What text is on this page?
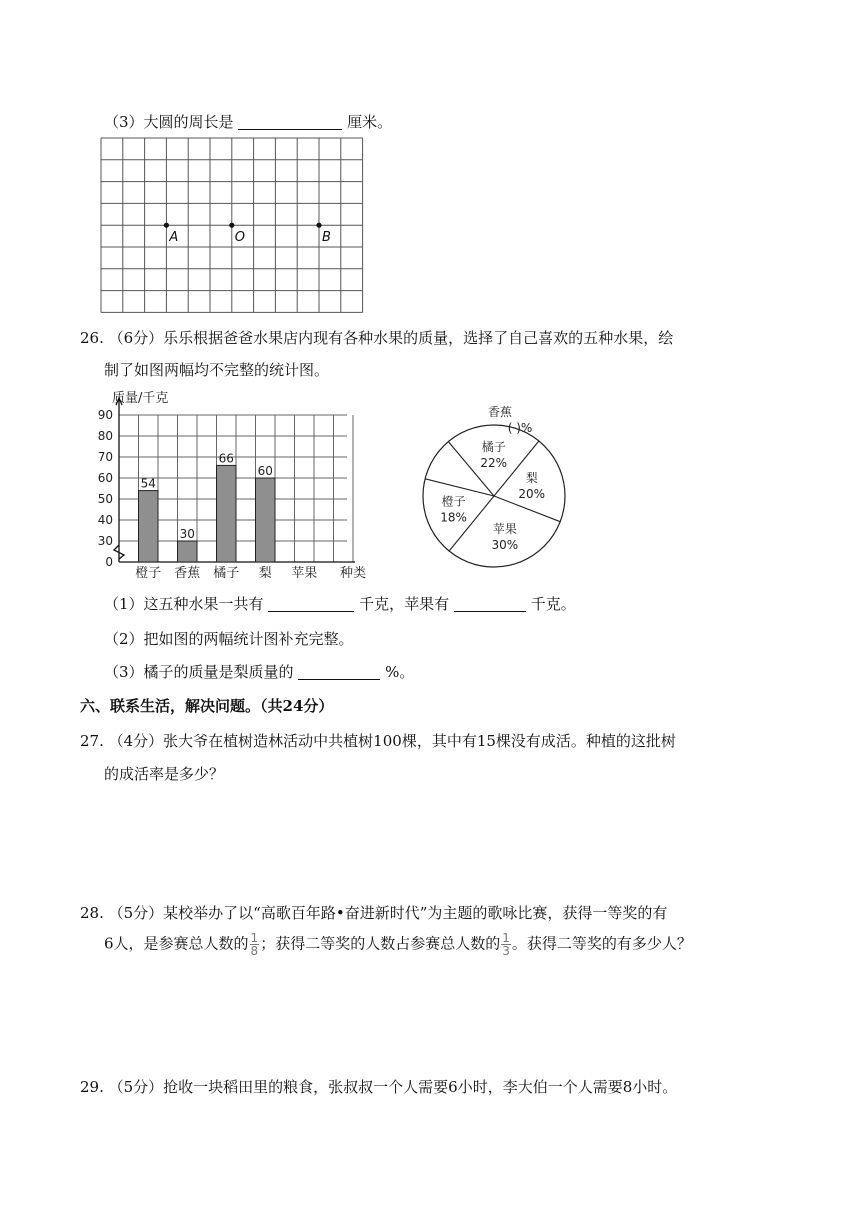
（3）大圆的周长是	厘米。
A	O	B
26. （6分）乐乐根据爸爸水果店内现有各种水果的质量，选择了自己喜欢的五种水果，绘
制了如图两幅均不完整的统计图。
质量/千克
54
30
66
60
0
30
40
50
60
70
80
90
橙子 香蕉 橘子 梨 苹果 种类
香蕉
( )%
橘子
22%
梨
20%
苹果
30%
橙子
18%
（1）这五种水果一共有	千克，苹果有	千克。
（2）把如图的两幅统计图补充完整。
（3）橘子的质量是梨质量的	%。
六、联系生活，解决问题。（共24分）
27. （4分）张大爷在植树造林活动中共植树100棵，其中有15棵没有成活。种植的这批树
的成活率是多少？
28. （5分）某校举办了以“高歌百年路•奋进新时代”为主题的歌咏比赛，获得一等奖的有
6人，是参赛总人数的 $\frac{1}{8}$ ；获得二等奖的人数占参赛总人数的 $\frac{1}{3}$ 。获得二等奖的有多少人？
29. （5分）抢收一块稻田里的粮食，张叔叔一个人需要6小时，李大伯一个人需要8小时。
